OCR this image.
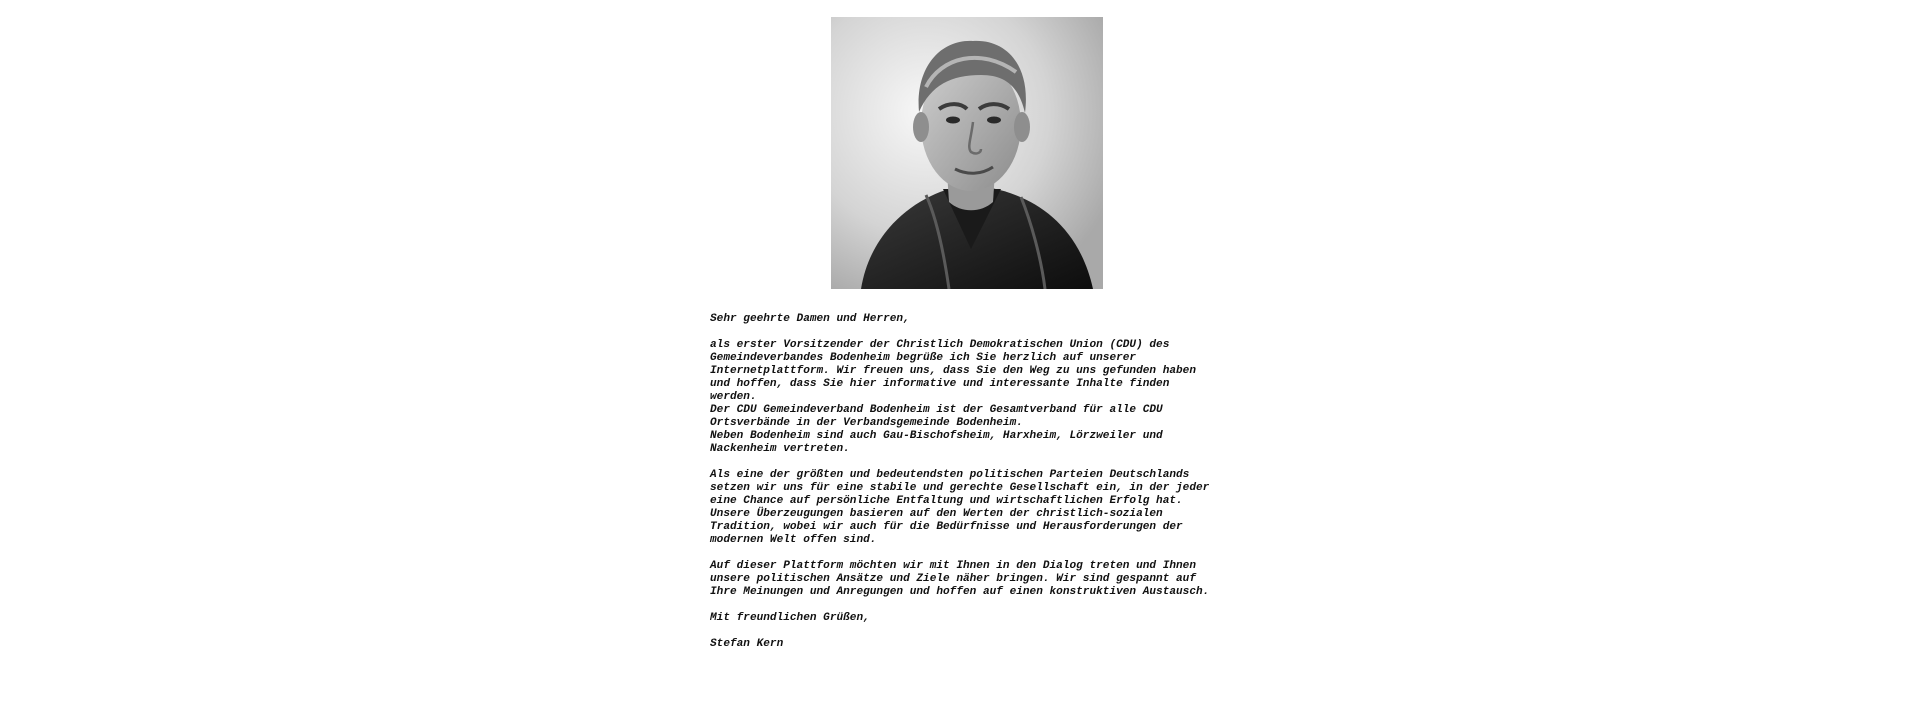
Sehr geehrte Damen und Herren,

als erster Vorsitzender der Christlich Demokratischen Union (CDU) des
Gemeindeverbandes Bodenheim begrüße ich Sie herzlich auf unserer
Internetplattform. Wir freuen uns, dass Sie den Weg zu uns gefunden haben
und hoffen, dass Sie hier informative und interessante Inhalte finden
werden.
Der CDU Gemeindeverband Bodenheim ist der Gesamtverband für alle CDU
Ortsverbände in der Verbandsgemeinde Bodenheim.
Neben Bodenheim sind auch Gau-Bischofsheim, Harxheim, Lörzweiler und
Nackenheim vertreten.

Als eine der größten und bedeutendsten politischen Parteien Deutschlands
setzen wir uns für eine stabile und gerechte Gesellschaft ein, in der jeder
eine Chance auf persönliche Entfaltung und wirtschaftlichen Erfolg hat.
Unsere Überzeugungen basieren auf den Werten der christlich-sozialen
Tradition, wobei wir auch für die Bedürfnisse und Herausforderungen der
modernen Welt offen sind.

Auf dieser Plattform möchten wir mit Ihnen in den Dialog treten und Ihnen
unsere politischen Ansätze und Ziele näher bringen. Wir sind gespannt auf
Ihre Meinungen und Anregungen und hoffen auf einen konstruktiven Austausch.

Mit freundlichen Grüßen,

Stefan Kern
